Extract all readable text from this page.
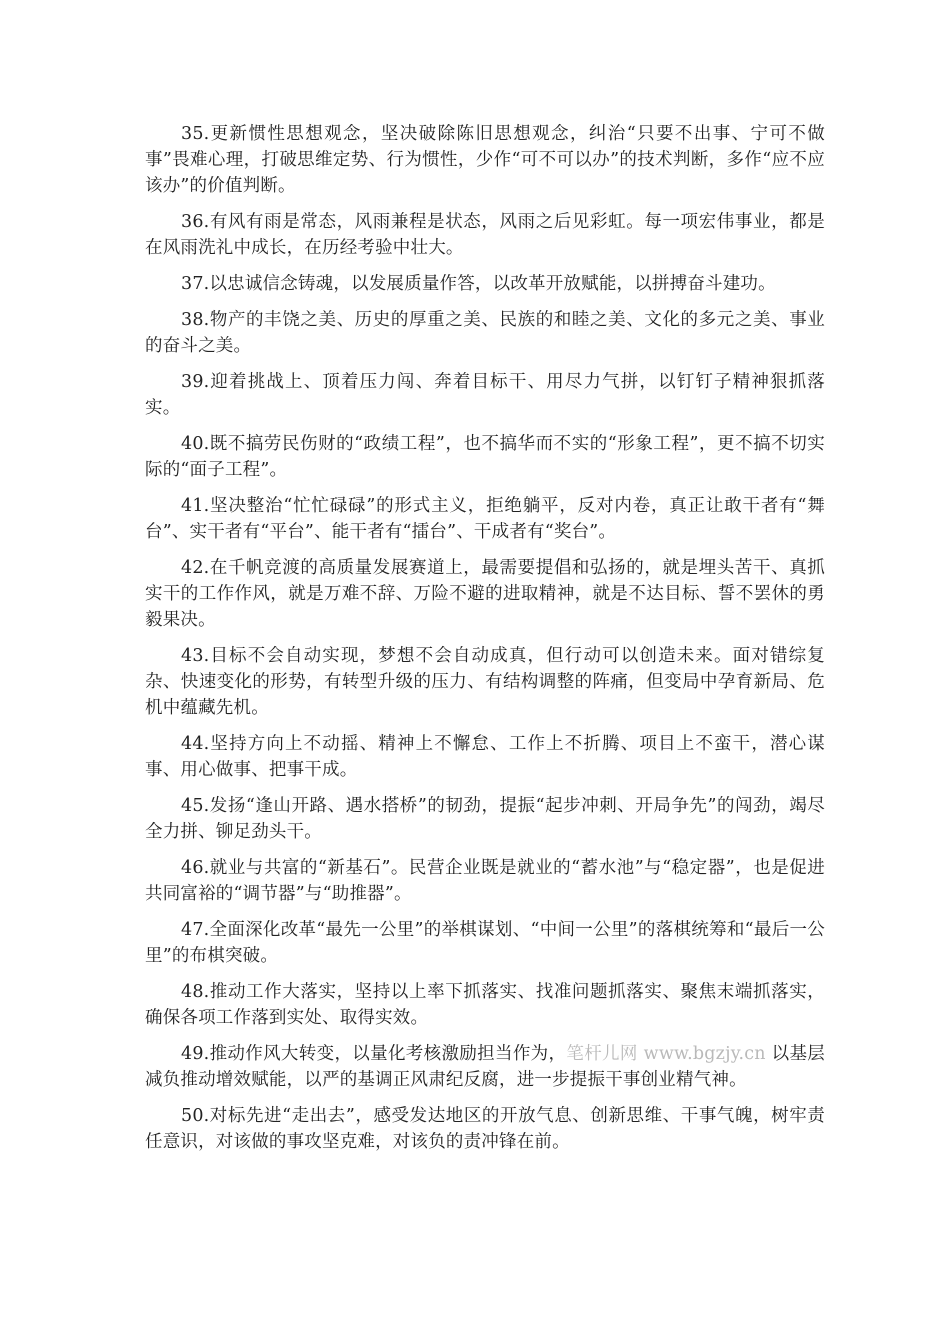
35.更新惯性思想观念，坚决破除陈旧思想观念，纠治“只要不出事、宁可不做事”畏难心理，打破思维定势、行为惯性，少作“可不可以办”的技术判断，多作“应不应该办”的价值判断。

36.有风有雨是常态，风雨兼程是状态，风雨之后见彩虹。每一项宏伟事业，都是在风雨洗礼中成长，在历经考验中壮大。

37.以忠诚信念铸魂，以发展质量作答，以改革开放赋能，以拼搏奋斗建功。

38.物产的丰饶之美、历史的厚重之美、民族的和睦之美、文化的多元之美、事业的奋斗之美。

39.迎着挑战上、顶着压力闯、奔着目标干、用尽力气拼，以钉钉子精神狠抓落实。

40.既不搞劳民伤财的“政绩工程”，也不搞华而不实的“形象工程”，更不搞不切实际的“面子工程”。

41.坚决整治“忙忙碌碌”的形式主义，拒绝躺平，反对内卷，真正让敢干者有“舞台”、实干者有“平台”、能干者有“擂台”、干成者有“奖台”。

42.在千帆竞渡的高质量发展赛道上，最需要提倡和弘扬的，就是埋头苦干、真抓实干的工作作风，就是万难不辞、万险不避的进取精神，就是不达目标、誓不罢休的勇毅果决。

43.目标不会自动实现，梦想不会自动成真，但行动可以创造未来。面对错综复杂、快速变化的形势，有转型升级的压力、有结构调整的阵痛，但变局中孕育新局、危机中蕴藏先机。

44.坚持方向上不动摇、精神上不懈怠、工作上不折腾、项目上不蛮干，潜心谋事、用心做事、把事干成。

45.发扬“逢山开路、遇水搭桥”的韧劲，提振“起步冲刺、开局争先”的闯劲，竭尽全力拼、铆足劲头干。

46.就业与共富的“新基石”。民营企业既是就业的“蓄水池”与“稳定器”，也是促进共同富裕的“调节器”与“助推器”。

47.全面深化改革“最先一公里”的举棋谋划、“中间一公里”的落棋统筹和“最后一公里”的布棋突破。

48.推动工作大落实，坚持以上率下抓落实、找准问题抓落实、聚焦末端抓落实，确保各项工作落到实处、取得实效。

49.推动作风大转变，以量化考核激励担当作为，笔杆儿网 www.bgzjy.cn 以基层减负推动增效赋能，以严的基调正风肃纪反腐，进一步提振干事创业精气神。

50.对标先进“走出去”，感受发达地区的开放气息、创新思维、干事气魄，树牢责任意识，对该做的事攻坚克难，对该负的责冲锋在前。
